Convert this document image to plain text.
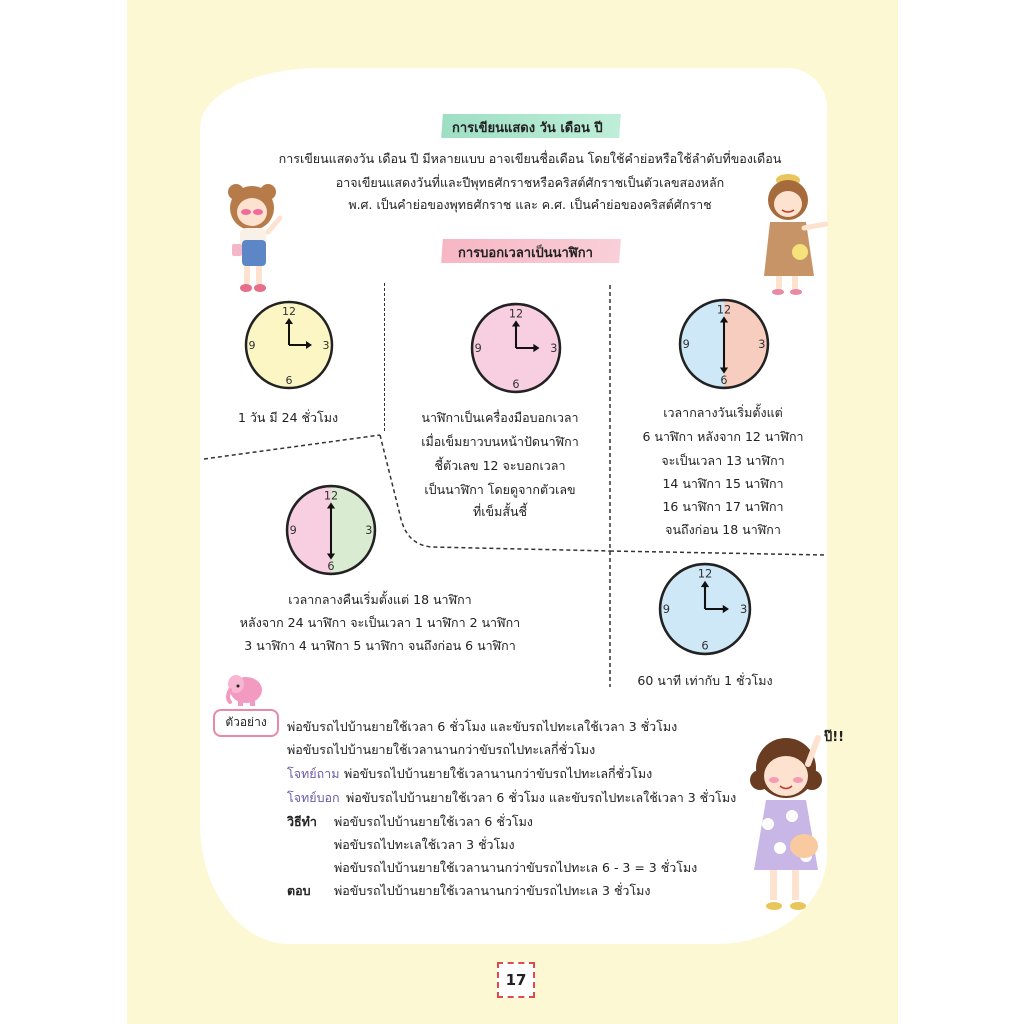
การเขียนแสดง วัน เดือน ปี
การเขียนแสดงวัน เดือน ปี มีหลายแบบ อาจเขียนชื่อเดือน โดยใช้คำย่อหรือใช้ลำดับที่ของเดือน
อาจเขียนแสดงวันที่และปีพุทธศักราชหรือคริสต์ศักราชเป็นตัวเลขสองหลัก
พ.ศ. เป็นคำย่อของพุทธศักราช และ ค.ศ. เป็นคำย่อของคริสต์ศักราช
การบอกเวลาเป็นนาฬิกา
12
3
6
9
1 วัน มี 24 ชั่วโมง
12
3
6
9
นาฬิกาเป็นเครื่องมือบอกเวลา
เมื่อเข็มยาวบนหน้าปัดนาฬิกา
ชี้ตัวเลข 12 จะบอกเวลา
เป็นนาฬิกา โดยดูจากตัวเลข
ที่เข็มสั้นชี้
12
3
6
9
เวลากลางวันเริ่มตั้งแต่
6 นาฬิกา หลังจาก 12 นาฬิกา
จะเป็นเวลา 13 นาฬิกา
14 นาฬิกา 15 นาฬิกา
16 นาฬิกา 17 นาฬิกา
จนถึงก่อน 18 นาฬิกา
12
3
6
9
เวลากลางคืนเริ่มตั้งแต่ 18 นาฬิกา
หลังจาก 24 นาฬิกา จะเป็นเวลา 1 นาฬิกา 2 นาฬิกา
3 นาฬิกา 4 นาฬิกา 5 นาฬิกา จนถึงก่อน 6 นาฬิกา
12
3
6
9
60 นาที เท่ากับ 1 ชั่วโมง
ตัวอย่าง	พ่อขับรถไปบ้านยายใช้เวลา 6 ชั่วโมง และขับรถไปทะเลใช้เวลา 3 ชั่วโมง
พ่อขับรถไปบ้านยายใช้เวลานานกว่าขับรถไปทะเลกี่ชั่วโมง
โจทย์ถาม พ่อขับรถไปบ้านยายใช้เวลานานกว่าขับรถไปทะเลกี่ชั่วโมง
โจทย์บอก พ่อขับรถไปบ้านยายใช้เวลา 6 ชั่วโมง และขับรถไปทะเลใช้เวลา 3 ชั่วโมง
วิธีทำ พ่อขับรถไปบ้านยายใช้เวลา 6 ชั่วโมง
พ่อขับรถไปทะเลใช้เวลา 3 ชั่วโมง
พ่อขับรถไปบ้านยายใช้เวลานานกว่าขับรถไปทะเล 6 - 3 = 3 ชั่วโมง
ตอบ พ่อขับรถไปบ้านยายใช้เวลานานกว่าขับรถไปทะเล 3 ชั่วโมง
ป๊!!
17
